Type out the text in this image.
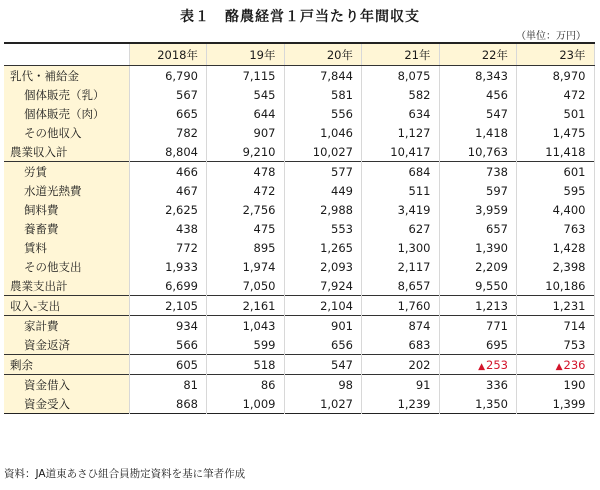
表１　酪農経営１戸当たり年間収支
（単位：万円）
	2018年	19年	20年	21年	22年	23年
乳代・補給金	6,790	7,115	7,844	8,075	8,343	8,970
個体販売（乳）	567	545	581	582	456	472
個体販売（肉）	665	644	556	634	547	501
その他収入	782	907	1,046	1,127	1,418	1,475
農業収入計	8,804	9,210	10,027	10,417	10,763	11,418
労賃	466	478	577	684	738	601
水道光熱費	467	472	449	511	597	595
飼料費	2,625	2,756	2,988	3,419	3,959	4,400
養畜費	438	475	553	627	657	763
賃料	772	895	1,265	1,300	1,390	1,428
その他支出	1,933	1,974	2,093	2,117	2,209	2,398
農業支出計	6,699	7,050	7,924	8,657	9,550	10,186
収入-支出	2,105	2,161	2,104	1,760	1,213	1,231
家計費	934	1,043	901	874	771	714
資金返済	566	599	656	683	695	753
剰余	605	518	547	202	▲253	▲236
資金借入	81	86	98	91	336	190
資金受入	868	1,009	1,027	1,239	1,350	1,399
資料：JA道東あさひ組合員勘定資料を基に筆者作成
